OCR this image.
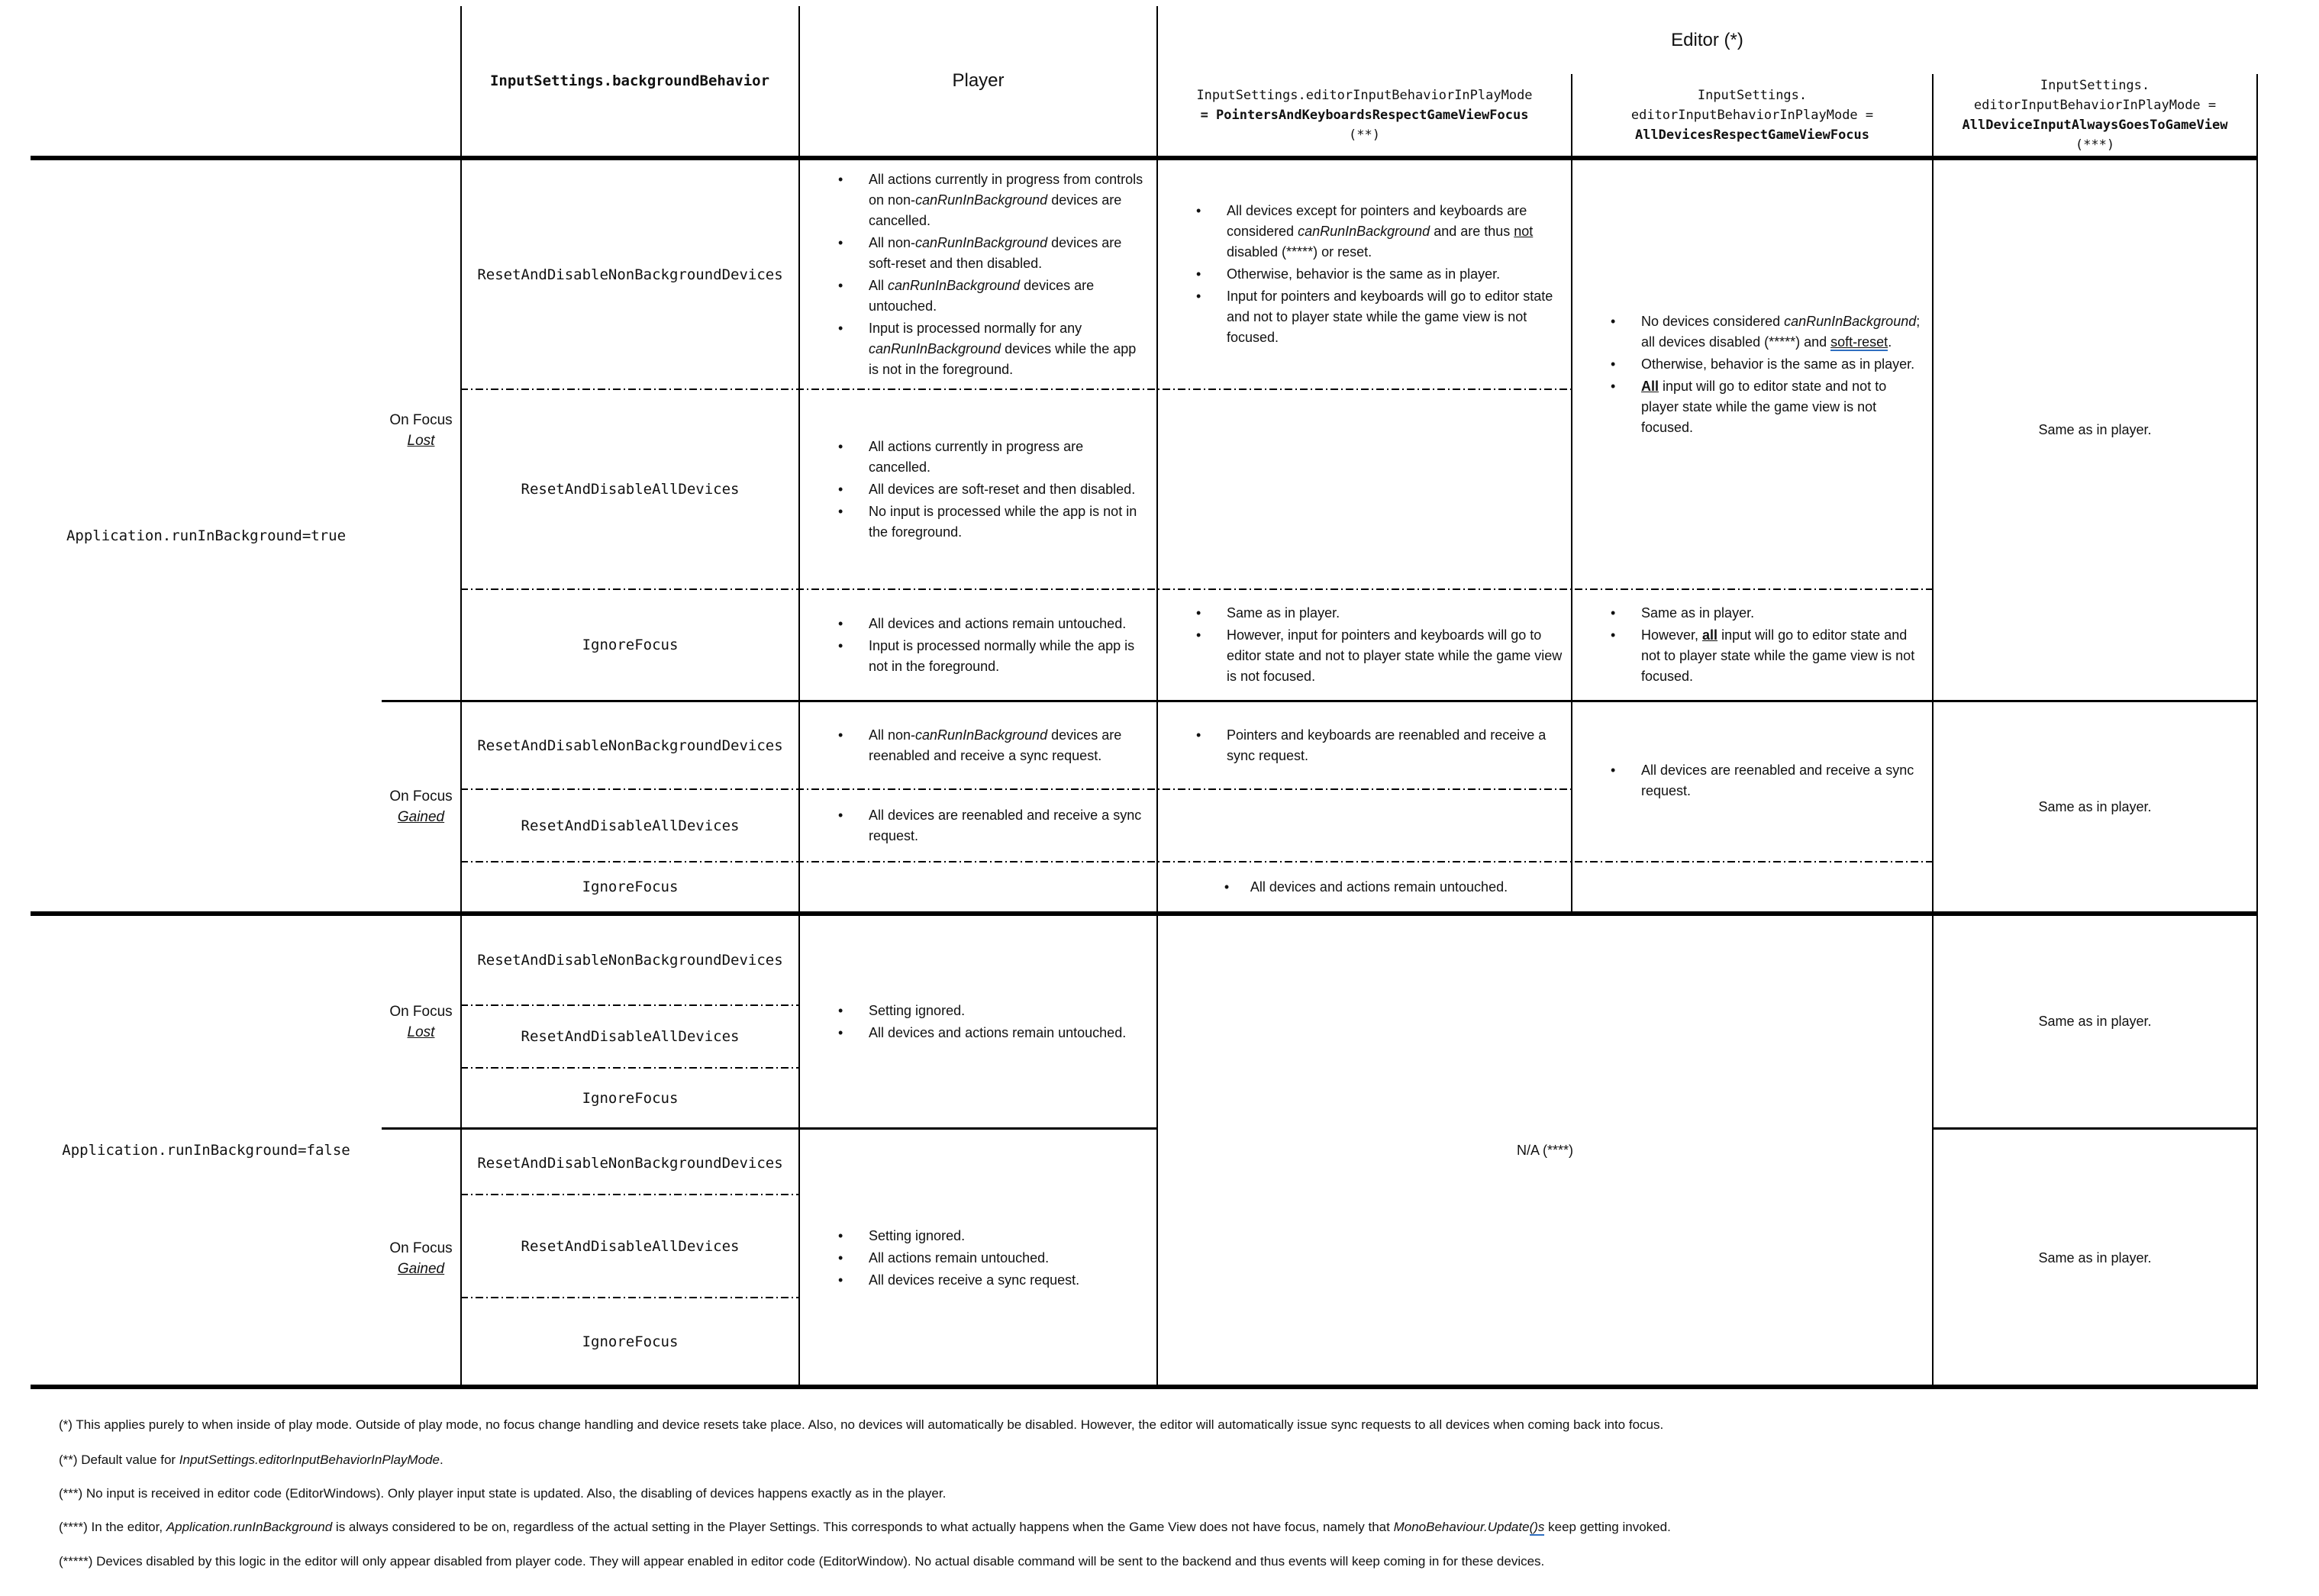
InputSettings.backgroundBehavior	Player
Editor (*)
InputSettings.editorInputBehaviorInPlayMode
= PointersAndKeyboardsRespectGameViewFocus
(**)
InputSettings.
editorInputBehaviorInPlayMode =
AllDevicesRespectGameViewFocus
InputSettings.
editorInputBehaviorInPlayMode =
AllDeviceInputAlwaysGoesToGameView
(***)
Application.runInBackground=true
Application.runInBackground=false
On Focus
Lost
On Focus
Gained
On Focus
Lost
On Focus
Gained
ResetAndDisableNonBackgroundDevices
ResetAndDisableAllDevices
IgnoreFocus
ResetAndDisableNonBackgroundDevices
ResetAndDisableAllDevices
IgnoreFocus
ResetAndDisableNonBackgroundDevices
ResetAndDisableAllDevices
IgnoreFocus
ResetAndDisableNonBackgroundDevices
ResetAndDisableAllDevices
IgnoreFocus
• All actions currently in progress from controls on non-canRunInBackground devices are cancelled.
• All non-canRunInBackground devices are soft-reset and then disabled.
• All canRunInBackground devices are untouched.
• Input is processed normally for any canRunInBackground devices while the app is not in the foreground.
• All actions currently in progress are cancelled.
• All devices are soft-reset and then disabled.
• No input is processed while the app is not in the foreground.
• All devices and actions remain untouched.
• Input is processed normally while the app is not in the foreground.
• All non-canRunInBackground devices are reenabled and receive a sync request.
• All devices are reenabled and receive a sync request.
• Setting ignored.
• All devices and actions remain untouched.
• Setting ignored.
• All actions remain untouched.
• All devices receive a sync request.
• All devices except for pointers and keyboards are considered canRunInBackground and are thus not disabled (*****) or reset.
• Otherwise, behavior is the same as in player.
• Input for pointers and keyboards will go to editor state and not to player state while the game view is not focused.
• Same as in player.
• However, input for pointers and keyboards will go to editor state and not to player state while the game view is not focused.
• Pointers and keyboards are reenabled and receive a sync request.
• No devices considered canRunInBackground; all devices disabled (*****) and soft-reset.
• Otherwise, behavior is the same as in player.
• All input will go to editor state and not to player state while the game view is not focused.
• Same as in player.
• However, all input will go to editor state and not to player state while the game view is not focused.
• All devices are reenabled and receive a sync request.
• All devices and actions remain untouched.
N/A (****)
Same as in player.
Same as in player.
Same as in player.
Same as in player.
(*) This applies purely to when inside of play mode. Outside of play mode, no focus change handling and device resets take place. Also, no devices will automatically be disabled. However, the editor will automatically issue sync requests to all devices when coming back into focus.
(**) Default value for InputSettings.editorInputBehaviorInPlayMode.
(***) No input is received in editor code (EditorWindows). Only player input state is updated. Also, the disabling of devices happens exactly as in the player.
(****) In the editor, Application.runInBackground is always considered to be on, regardless of the actual setting in the Player Settings. This corresponds to what actually happens when the Game View does not have focus, namely that MonoBehaviour.Update()s keep getting invoked.
(*****) Devices disabled by this logic in the editor will only appear disabled from player code. They will appear enabled in editor code (EditorWindow). No actual disable command will be sent to the backend and thus events will keep coming in for these devices.
